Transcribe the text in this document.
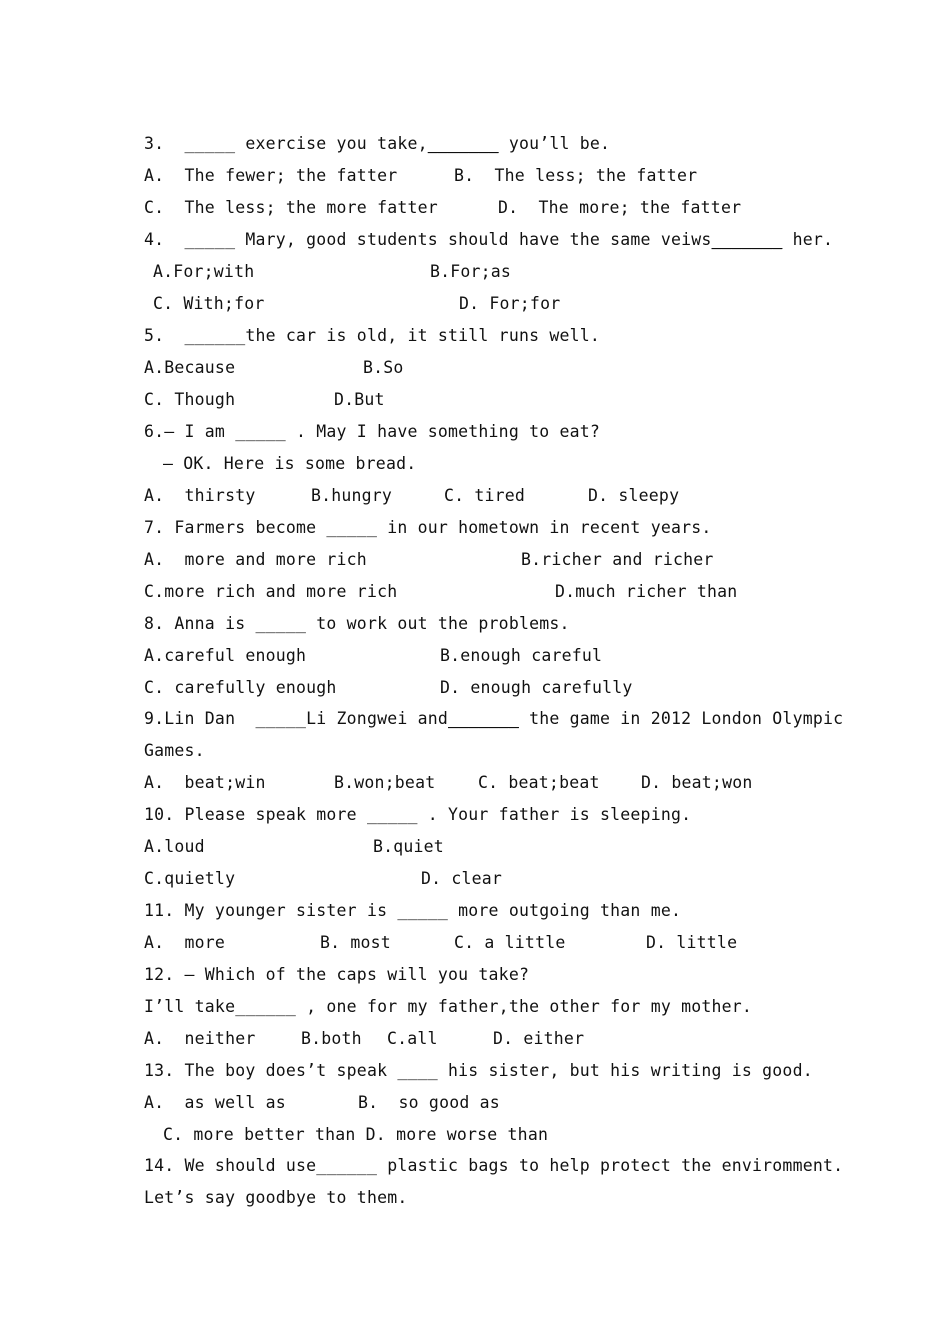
3.  _____ exercise you take,_______ you’ll be.
A.  The fewer; the fatter	B.  The less; the fatter
C.  The less; the more fatter	D.  The more; the fatter
4.  _____ Mary, good students should have the same veiws_______ her.
A.For;with	B.For;as
C. With;for	D. For;for
5.  ______the car is old, it still runs well.
A.Because	B.So
C. Though	D.But
6.— I am _____ . May I have something to eat?
— OK. Here is some bread.
A.  thirsty	B.hungry	C. tired	D. sleepy
7. Farmers become _____ in our hometown in recent years.
A.  more and more rich	B.richer and richer
C.more rich and more rich	D.much richer than
8. Anna is _____ to work out the problems.
A.careful enough	B.enough careful
C. carefully enough	D. enough carefully
9.Lin Dan  _____Li Zongwei and_______ the game in 2012 London Olympic
Games.
A.  beat;win	B.won;beat	C. beat;beat	D. beat;won
10. Please speak more _____ . Your father is sleeping.
A.loud	B.quiet
C.quietly	D. clear
11. My younger sister is _____ more outgoing than me.
A.  more	B. most	C. a little	D. little
12. — Which of the caps will you take?
I’ll take______ , one for my father,the other for my mother.
A.  neither	B.both C.all	D. either
13. The boy does’t speak ____ his sister, but his writing is good.
A.  as well as	B.  so good as
C. more better than D. more worse than
14. We should use______ plastic bags to help protect the enviromment.
Let’s say goodbye to them.
